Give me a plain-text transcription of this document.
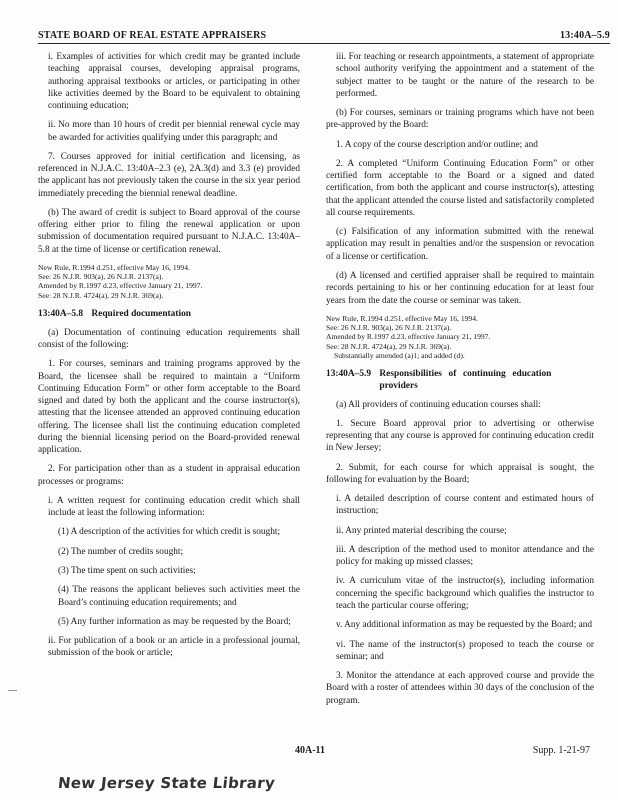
STATE BOARD OF REAL ESTATE APPRAISERS	13:40A–5.9

i. Examples of activities for which credit may be granted include teaching appraisal courses, developing appraisal programs, authoring appraisal textbooks or articles, or participating in other like activities deemed by the Board to be equivalent to obtaining continuing education;

ii. No more than 10 hours of credit per biennial renewal cycle may be awarded for activities qualifying under this paragraph; and

7. Courses approved for initial certification and licensing, as referenced in N.J.A.C. 13:40A–2.3 (e), 2A.3(d) and 3.3 (e) provided the applicant has not previously taken the course in the six year period immediately preceding the biennial renewal deadline.

(b) The award of credit is subject to Board approval of the course offering either prior to filing the renewal application or upon submission of documentation required pursuant to N.J.A.C. 13:40A–5.8 at the time of license or certification renewal.

New Rule, R.1994 d.251, effective May 16, 1994.

See: 26 N.J.R. 903(a), 26 N.J.R. 2137(a).

Amended by R.1997 d.23, effective January 21, 1997.

See: 28 N.J.R. 4724(a), 29 N.J.R. 369(a).

13:40A–5.8 Required documentation

(a) Documentation of continuing education requirements shall consist of the following:

1. For courses, seminars and training programs approved by the Board, the licensee shall be required to maintain a “Uniform Continuing Education Form” or other form acceptable to the Board signed and dated by both the applicant and the course instructor(s), attesting that the licensee attended an approved continuing education offering. The licensee shall list the continuing education completed during the biennial licensing period on the Board-provided renewal application.

2. For participation other than as a student in appraisal education processes or programs:

i. A written request for continuing education credit which shall include at least the following information:

(1) A description of the activities for which credit is sought;

(2) The number of credits sought;

(3) The time spent on such activities;

(4) The reasons the applicant believes such activities meet the Board’s continuing education requirements; and

(5) Any further information as may be requested by the Board;

ii. For publication of a book or an article in a professional journal, submission of the book or article;

iii. For teaching or research appointments, a statement of appropriate school authority verifying the appointment and a statement of the subject matter to be taught or the nature of the research to be performed.

(b) For courses, seminars or training programs which have not been pre-approved by the Board:

1. A copy of the course description and/or outline; and

2. A completed “Uniform Continuing Education Form” or other certified form acceptable to the Board or a signed and dated certification, from both the applicant and course instructor(s), attesting that the applicant attended the course listed and satisfactorily completed all course requirements.

(c) Falsification of any information submitted with the renewal application may result in penalties and/or the suspension or revocation of a license or certification.

(d) A licensed and certified appraiser shall be required to maintain records pertaining to his or her continuing education for at least four years from the date the course or seminar was taken.

New Rule, R.1994 d.251, effective May 16, 1994.

See: 26 N.J.R. 903(a), 26 N.J.R. 2137(a).

Amended by R.1997 d.23, effective January 21, 1997.

See: 28 N.J.R. 4724(a), 29 N.J.R. 369(a).

Substantially amended (a)1; and added (d).

13:40A–5.9 Responsibilities of continuing education providers

(a) All providers of continuing education courses shall:

1. Secure Board approval prior to advertising or otherwise representing that any course is approved for continuing education credit in New Jersey;

2. Submit, for each course for which appraisal is sought, the following for evaluation by the Board;

i. A detailed description of course content and estimated hours of instruction;

ii. Any printed material describing the course;

iii. A description of the method used to monitor attendance and the policy for making up missed classes;

iv. A curriculum vitae of the instructor(s), including information concerning the specific background which qualifies the instructor to teach the particular course offering;

v. Any additional information as may be requested by the Board; and

vi. The name of the instructor(s) proposed to teach the course or seminar; and

3. Monitor the attendance at each approved course and provide the Board with a roster of attendees within 30 days of the conclusion of the program.

40A-11	Supp. 1-21-97
New Jersey State Library
